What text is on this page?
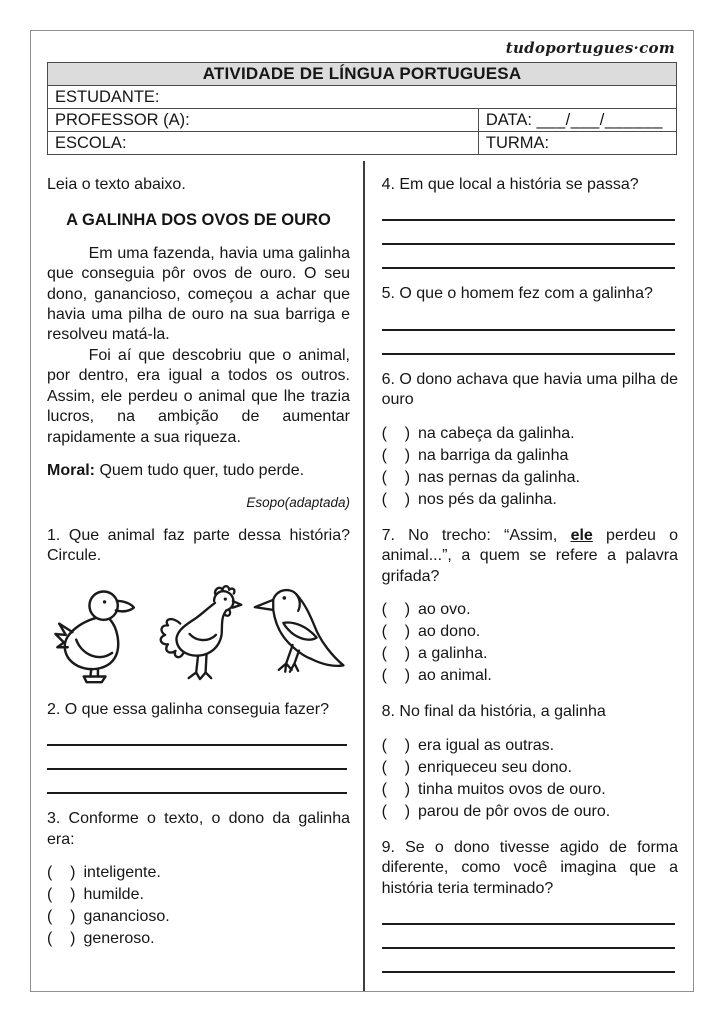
tudoportugues·com
ATIVIDADE DE LÍNGUA PORTUGUESA	
ESTUDANTE:	
PROFESSOR (A):	DATA: ___/___/______
ESCOLA:	TURMA:
Leia o texto abaixo.
A GALINHA DOS OVOS DE OURO
Em uma fazenda, havia uma galinha que conseguia pôr ovos de ouro. O seu dono, ganancioso, começou a achar que havia uma pilha de ouro na sua barriga e resolveu matá-la.
Foi aí que descobriu que o animal, por dentro, era igual a todos os outros. Assim, ele perdeu o animal que lhe trazia lucros, na ambição de aumentar rapidamente a sua riqueza.
Moral: Quem tudo quer, tudo perde.
Esopo(adaptada)
1. Que animal faz parte dessa história? Circule.
2. O que essa galinha conseguia fazer?
3. Conforme o texto, o dono da galinha era:
(    ) inteligente.
(    ) humilde.
(    ) ganancioso.
(    ) generoso.
4. Em que local a história se passa?
5. O que o homem fez com a galinha?
6. O dono achava que havia uma pilha de ouro
(    ) na cabeça da galinha.
(    ) na barriga da galinha
(    ) nas pernas da galinha.
(    ) nos pés da galinha.
7. No trecho: “Assim, ele perdeu o animal...”, a quem se refere a palavra grifada?
(    ) ao ovo.
(    ) ao dono.
(    ) a galinha.
(    ) ao animal.
8. No final da história, a galinha
(    ) era igual as outras.
(    ) enriqueceu seu dono.
(    ) tinha muitos ovos de ouro.
(    ) parou de pôr ovos de ouro.
9. Se o dono tivesse agido de forma diferente, como você imagina que a história teria terminado?
